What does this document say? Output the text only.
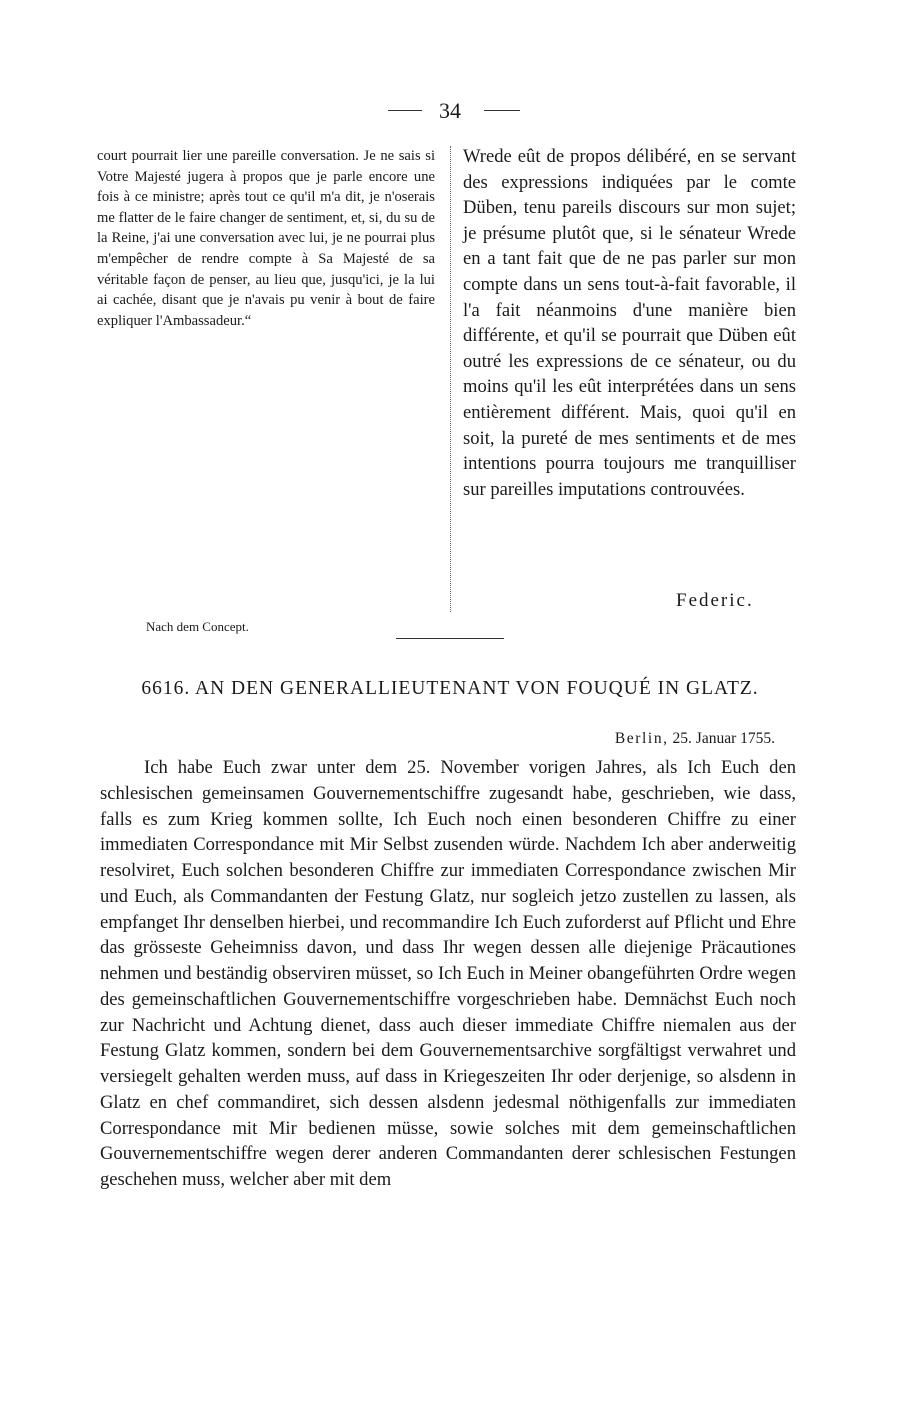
34

court pourrait lier une pareille conversation. Je ne sais si Votre Majesté jugera à propos que je parle encore une fois à ce ministre; après tout ce qu'il m'a dit, je n'oserais me flatter de le faire changer de sentiment, et, si, du su de la Reine, j'ai une conversation avec lui, je ne pourrai plus m'empêcher de rendre compte à Sa Majesté de sa véritable façon de penser, au lieu que, jusqu'ici, je la lui ai cachée, disant que je n'avais pu venir à bout de faire expliquer l'Ambassadeur.“

Wrede eût de propos délibéré, en se servant des expressions indiquées par le comte Düben, tenu pareils discours sur mon sujet; je présume plutôt que, si le sénateur Wrede en a tant fait que de ne pas parler sur mon compte dans un sens tout-à-fait favorable, il l'a fait néanmoins d'une manière bien différente, et qu'il se pourrait que Düben eût outré les expressions de ce sénateur, ou du moins qu'il les eût interprétées dans un sens entièrement différent. Mais, quoi qu'il en soit, la pureté de mes sentiments et de mes intentions pourra toujours me tranquilliser sur pareilles imputations controuvées.

Federic.
Nach dem Concept.
6616. AN DEN GENERALLIEUTENANT VON FOUQUÉ IN GLATZ.
Berlin, 25. Januar 1755.

Ich habe Euch zwar unter dem 25. November vorigen Jahres, als Ich Euch den schlesischen gemeinsamen Gouvernementschiffre zugesandt habe, geschrieben, wie dass, falls es zum Krieg kommen sollte, Ich Euch noch einen besonderen Chiffre zu einer immediaten Correspondance mit Mir Selbst zusenden würde. Nachdem Ich aber anderweitig resolviret, Euch solchen besonderen Chiffre zur immediaten Correspondance zwischen Mir und Euch, als Commandanten der Festung Glatz, nur sogleich jetzo zustellen zu lassen, als empfanget Ihr denselben hierbei, und recommandire Ich Euch zuforderst auf Pflicht und Ehre das grösseste Geheimniss davon, und dass Ihr wegen dessen alle diejenige Präcautiones nehmen und beständig observiren müsset, so Ich Euch in Meiner obangeführten Ordre wegen des gemeinschaftlichen Gouvernementschiffre vorgeschrieben habe. Demnächst Euch noch zur Nachricht und Achtung dienet, dass auch dieser immediate Chiffre niemalen aus der Festung Glatz kommen, sondern bei dem Gouvernementsarchive sorgfältigst verwahret und versiegelt gehalten werden muss, auf dass in Kriegeszeiten Ihr oder derjenige, so alsdenn in Glatz en chef commandiret, sich dessen alsdenn jedesmal nöthigenfalls zur immediaten Correspondance mit Mir bedienen müsse, sowie solches mit dem gemeinschaftlichen Gouvernementschiffre wegen derer anderen Commandanten derer schlesischen Festungen geschehen muss, welcher aber mit dem
